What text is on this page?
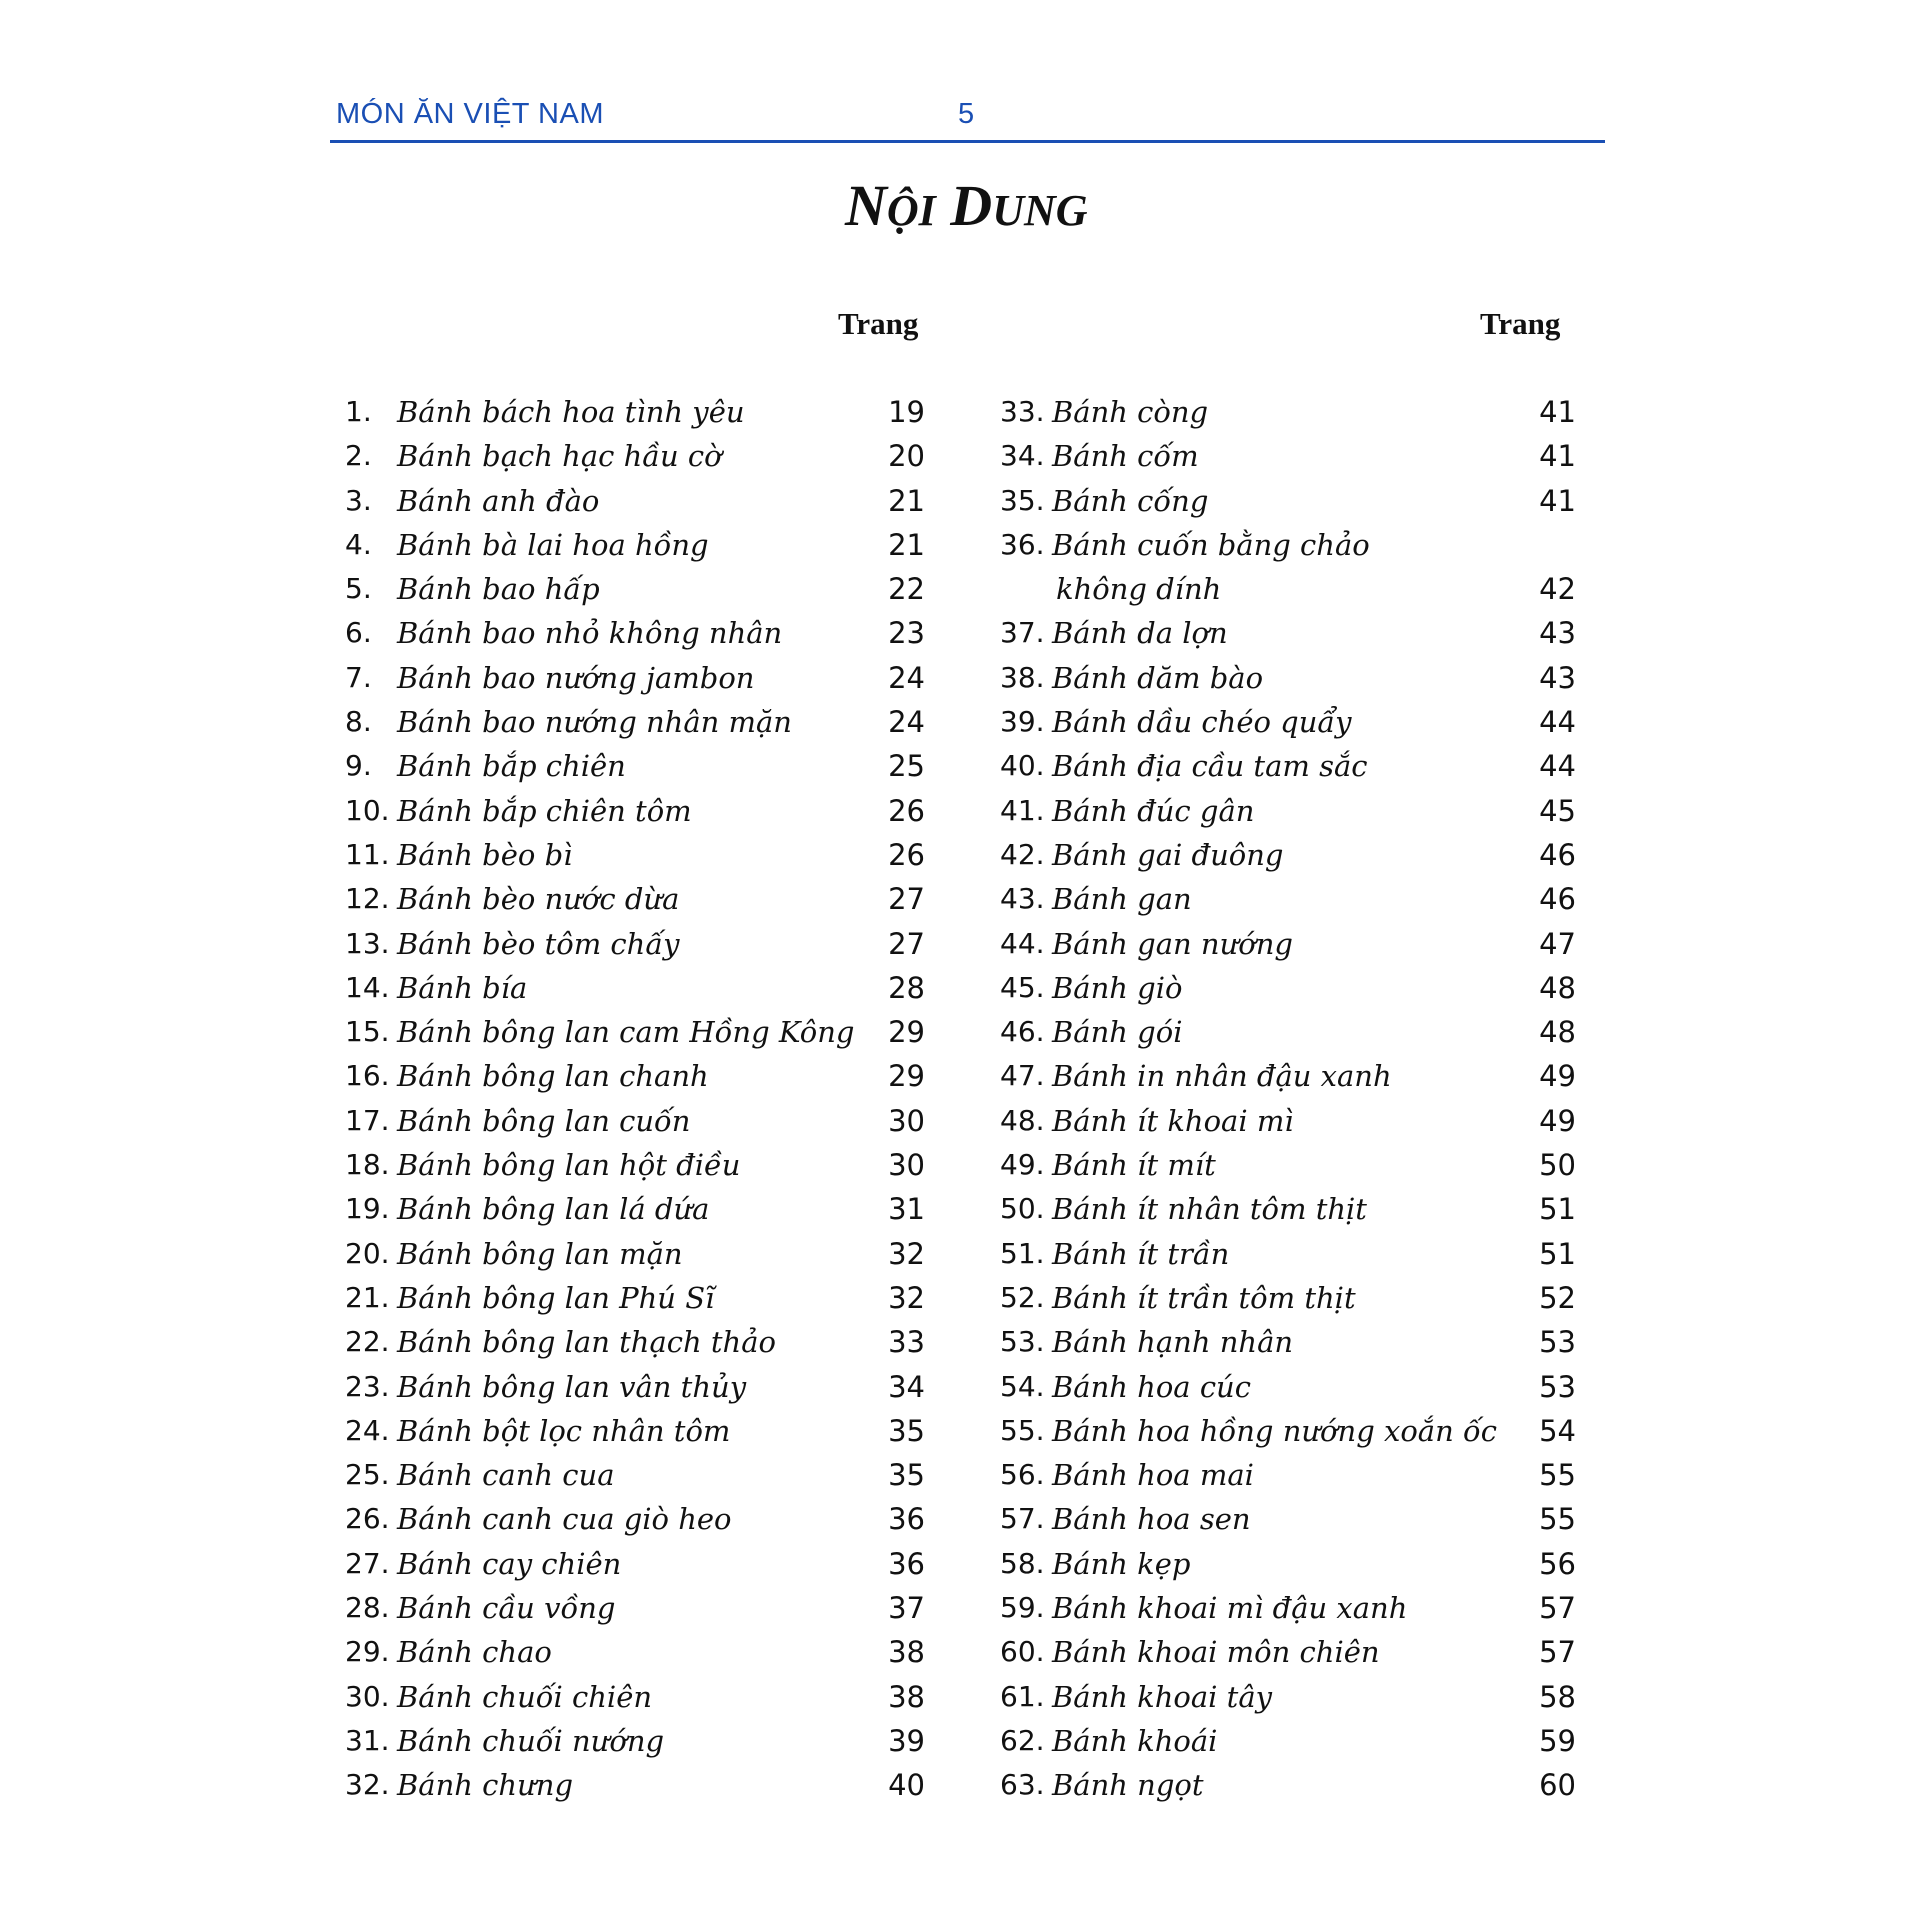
MÓN ĂN VIỆT NAM	5
NỘI DUNG
Trang	Trang
1. Bánh bách hoa tình yêu	19
2. Bánh bạch hạc hầu cờ	20
3. Bánh anh đào	21
4. Bánh bà lai hoa hồng	21
5. Bánh bao hấp	22
6. Bánh bao nhỏ không nhân	23
7. Bánh bao nướng jambon	24
8. Bánh bao nướng nhân mặn	24
9. Bánh bắp chiên	25
10. Bánh bắp chiên tôm	26
11. Bánh bèo bì	26
12. Bánh bèo nước dừa	27
13. Bánh bèo tôm chấy	27
14. Bánh bía	28
15. Bánh bông lan cam Hồng Kông 29
16. Bánh bông lan chanh	29
17. Bánh bông lan cuốn	30
18. Bánh bông lan hột điều	30
19. Bánh bông lan lá dứa	31
20. Bánh bông lan mặn	32
21. Bánh bông lan Phú Sĩ	32
22. Bánh bông lan thạch thảo	33
23. Bánh bông lan vân thủy	34
24. Bánh bột lọc nhân tôm	35
25. Bánh canh cua	35
26. Bánh canh cua giò heo	36
27. Bánh cay chiên	36
28. Bánh cầu vồng	37
29. Bánh chao	38
30. Bánh chuối chiên	38
31. Bánh chuối nướng	39
32. Bánh chưng	40
33. Bánh còng	41
34. Bánh cốm	41
35. Bánh cống	41
36. Bánh cuốn bằng chảo
không dính	42
37. Bánh da lợn	43
38. Bánh dăm bào	43
39. Bánh dầu chéo quẩy	44
40. Bánh địa cầu tam sắc	44
41. Bánh đúc gân	45
42. Bánh gai đuông	46
43. Bánh gan	46
44. Bánh gan nướng	47
45. Bánh giò	48
46. Bánh gói	48
47. Bánh in nhân đậu xanh	49
48. Bánh ít khoai mì	49
49. Bánh ít mít	50
50. Bánh ít nhân tôm thịt	51
51. Bánh ít trần	51
52. Bánh ít trần tôm thịt	52
53. Bánh hạnh nhân	53
54. Bánh hoa cúc	53
55. Bánh hoa hồng nướng xoắn ốc 54
56. Bánh hoa mai	55
57. Bánh hoa sen	55
58. Bánh kẹp	56
59. Bánh khoai mì đậu xanh	57
60. Bánh khoai môn chiên	57
61. Bánh khoai tây	58
62. Bánh khoái	59
63. Bánh ngọt	60
